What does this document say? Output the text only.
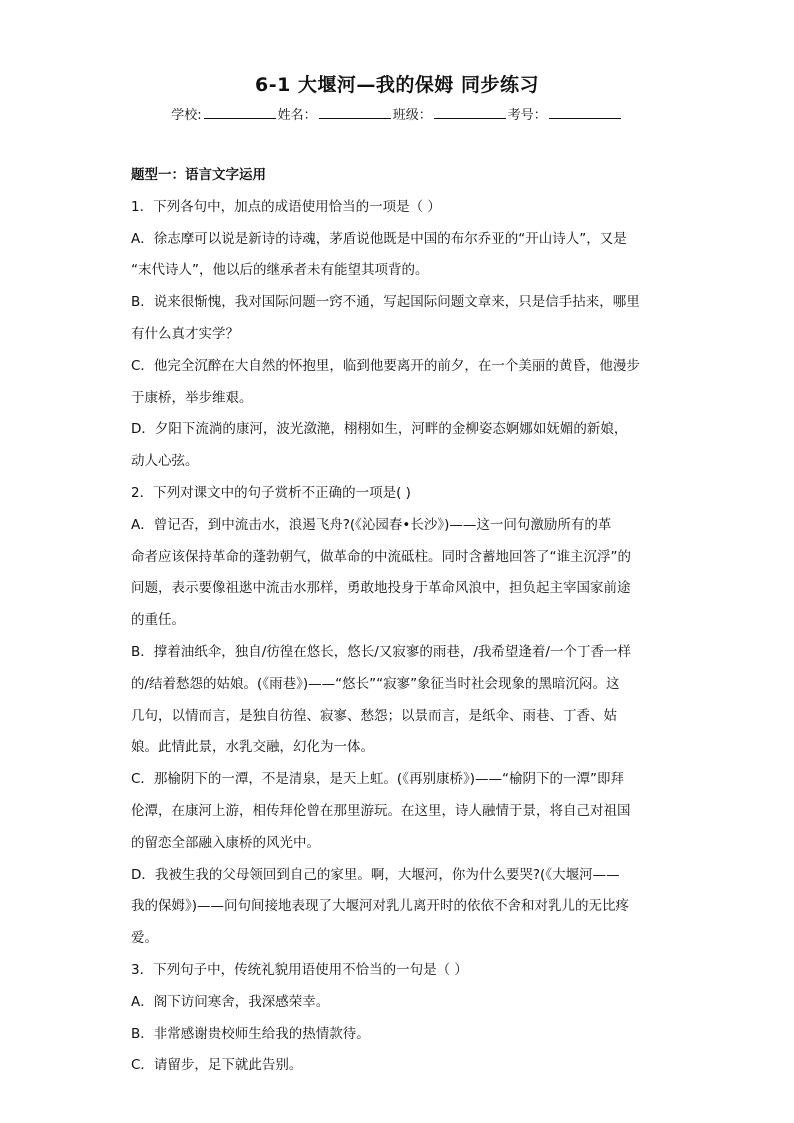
6-1 大堰河—我的保姆 同步练习
学校:	姓名：	班级：	考号：
题型一：语言文字运用
1．下列各句中，加点的成语使用恰当的一项是（ ）
A．徐志摩可以说是新诗的诗魂，茅盾说他既是中国的布尔乔亚的“开山诗人”，又是
“末代诗人”，他以后的继承者未有能望其项背的。
B．说来很惭愧，我对国际问题一窍不通，写起国际问题文章来，只是信手拈来，哪里
有什么真才实学？
C．他完全沉醉在大自然的怀抱里，临到他要离开的前夕，在一个美丽的黄昏，他漫步
于康桥，举步维艰。
D．夕阳下流淌的康河，波光潋滟，栩栩如生，河畔的金柳姿态婀娜如妩媚的新娘，
动人心弦。
2．下列对课文中的句子赏析不正确的一项是( )
A．曾记否，到中流击水，浪遏飞舟?(《沁园春•长沙》)——这一问句激励所有的革
命者应该保持革命的蓬勃朝气，做革命的中流砥柱。同时含蓄地回答了“谁主沉浮”的
问题，表示要像祖逖中流击水那样，勇敢地投身于革命风浪中，担负起主宰国家前途
的重任。
B．撑着油纸伞，独自/彷徨在悠长，悠长/又寂寥的雨巷，/我希望逢着/一个丁香一样
的/结着愁怨的姑娘。(《雨巷》)——“悠长”“寂寥”象征当时社会现象的黑暗沉闷。这
几句，以情而言，是独自彷徨、寂寥、愁怨；以景而言，是纸伞、雨巷、丁香、姑
娘。此情此景，水乳交融，幻化为一体。
C．那榆阴下的一潭，不是清泉，是天上虹。(《再别康桥》)——“榆阴下的一潭”即拜
伦潭，在康河上游，相传拜伦曾在那里游玩。在这里，诗人融情于景，将自己对祖国
的留恋全部融入康桥的风光中。
D．我被生我的父母领回到自己的家里。啊，大堰河，你为什么要哭?(《大堰河——
我的保姆》)——问句间接地表现了大堰河对乳儿离开时的依依不舍和对乳儿的无比疼
爱。
3．下列句子中，传统礼貌用语使用不恰当的一句是（ ）
A．阁下访问寒舍，我深感荣幸。
B．非常感谢贵校师生给我的热情款待。
C．请留步，足下就此告别。
